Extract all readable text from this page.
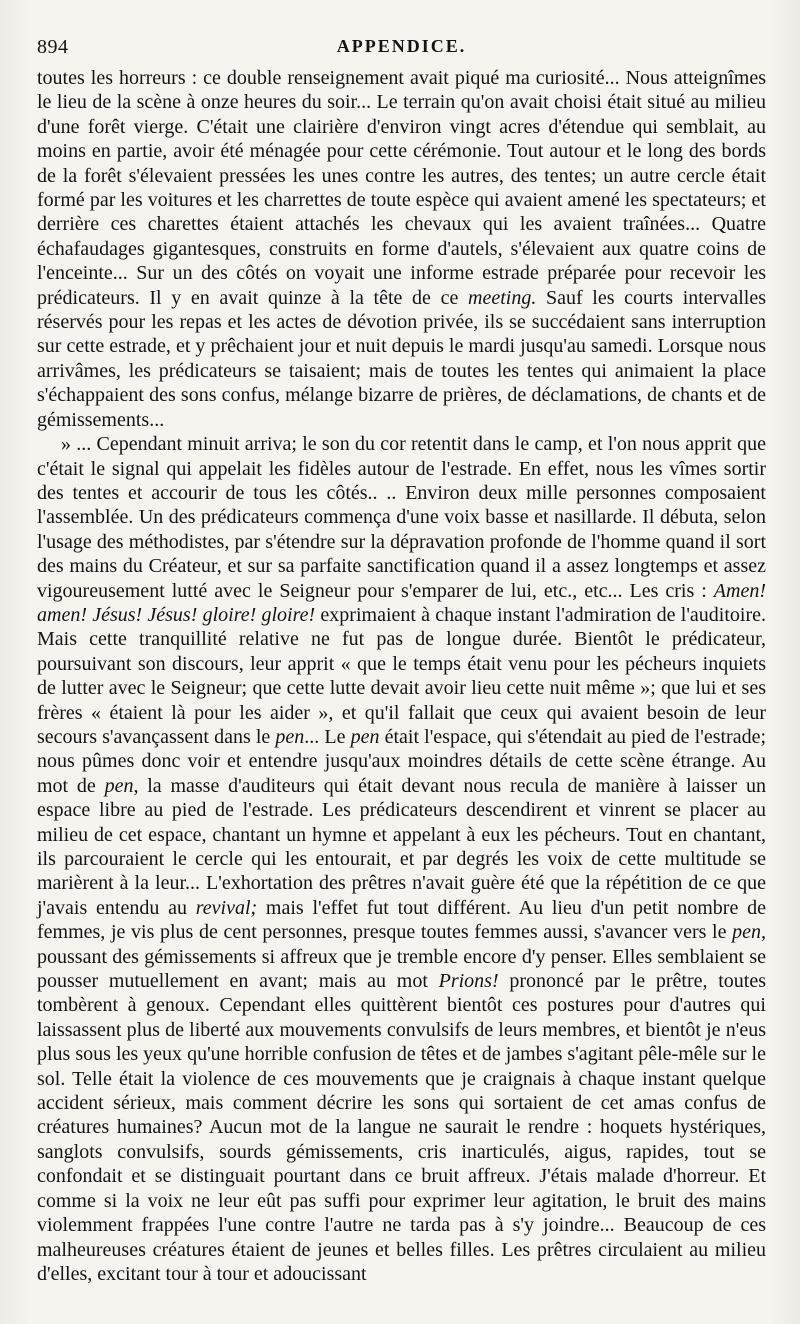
894	APPENDICE.

toutes les horreurs : ce double renseignement avait piqué ma curiosité... Nous atteignîmes le lieu de la scène à onze heures du soir... Le terrain qu'on avait choisi était situé au milieu d'une forêt vierge. C'était une clairière d'environ vingt acres d'étendue qui semblait, au moins en partie, avoir été ménagée pour cette cérémonie. Tout autour et le long des bords de la forêt s'élevaient pressées les unes contre les autres, des tentes; un autre cercle était formé par les voitures et les charrettes de toute espèce qui avaient amené les spectateurs; et derrière ces charettes étaient attachés les chevaux qui les avaient traînées... Quatre échafaudages gigantesques, construits en forme d'autels, s'élevaient aux quatre coins de l'enceinte... Sur un des côtés on voyait une informe estrade préparée pour recevoir les prédicateurs. Il y en avait quinze à la tête de ce meeting. Sauf les courts intervalles réservés pour les repas et les actes de dévotion privée, ils se succédaient sans interruption sur cette estrade, et y prêchaient jour et nuit depuis le mardi jusqu'au samedi. Lorsque nous arrivâmes, les prédicateurs se taisaient; mais de toutes les tentes qui animaient la place s'échappaient des sons confus, mélange bizarre de prières, de déclamations, de chants et de gémissements...

» ... Cependant minuit arriva; le son du cor retentit dans le camp, et l'on nous apprit que c'était le signal qui appelait les fidèles autour de l'estrade. En effet, nous les vîmes sortir des tentes et accourir de tous les côtés.. .. Environ deux mille personnes composaient l'assemblée. Un des prédicateurs commença d'une voix basse et nasillarde. Il débuta, selon l'usage des méthodistes, par s'étendre sur la dépravation profonde de l'homme quand il sort des mains du Créateur, et sur sa parfaite sanctification quand il a assez longtemps et assez vigoureusement lutté avec le Seigneur pour s'emparer de lui, etc., etc... Les cris : Amen! amen! Jésus! Jésus! gloire! gloire! exprimaient à chaque instant l'admiration de l'auditoire. Mais cette tranquillité relative ne fut pas de longue durée. Bientôt le prédicateur, poursuivant son discours, leur apprit « que le temps était venu pour les pécheurs inquiets de lutter avec le Seigneur; que cette lutte devait avoir lieu cette nuit même »; que lui et ses frères « étaient là pour les aider », et qu'il fallait que ceux qui avaient besoin de leur secours s'avançassent dans le pen... Le pen était l'espace, qui s'étendait au pied de l'estrade; nous pûmes donc voir et entendre jusqu'aux moindres détails de cette scène étrange. Au mot de pen, la masse d'auditeurs qui était devant nous recula de manière à laisser un espace libre au pied de l'estrade. Les prédicateurs descendirent et vinrent se placer au milieu de cet espace, chantant un hymne et appelant à eux les pécheurs. Tout en chantant, ils parcouraient le cercle qui les entourait, et par degrés les voix de cette multitude se marièrent à la leur... L'exhortation des prêtres n'avait guère été que la répétition de ce que j'avais entendu au revival; mais l'effet fut tout différent. Au lieu d'un petit nombre de femmes, je vis plus de cent personnes, presque toutes femmes aussi, s'avancer vers le pen, poussant des gémissements si affreux que je tremble encore d'y penser. Elles semblaient se pousser mutuellement en avant; mais au mot Prions! prononcé par le prêtre, toutes tombèrent à genoux. Cependant elles quittèrent bientôt ces postures pour d'autres qui laissassent plus de liberté aux mouvements convulsifs de leurs membres, et bientôt je n'eus plus sous les yeux qu'une horrible confusion de têtes et de jambes s'agitant pêle-mêle sur le sol. Telle était la violence de ces mouvements que je craignais à chaque instant quelque accident sérieux, mais comment décrire les sons qui sortaient de cet amas confus de créatures humaines? Aucun mot de la langue ne saurait le rendre : hoquets hystériques, sanglots convulsifs, sourds gémissements, cris inarticulés, aigus, rapides, tout se confondait et se distinguait pourtant dans ce bruit affreux. J'étais malade d'horreur. Et comme si la voix ne leur eût pas suffi pour exprimer leur agitation, le bruit des mains violemment frappées l'une contre l'autre ne tarda pas à s'y joindre... Beaucoup de ces malheureuses créatures étaient de jeunes et belles filles. Les prêtres circulaient au milieu d'elles, excitant tour à tour et adoucissant
